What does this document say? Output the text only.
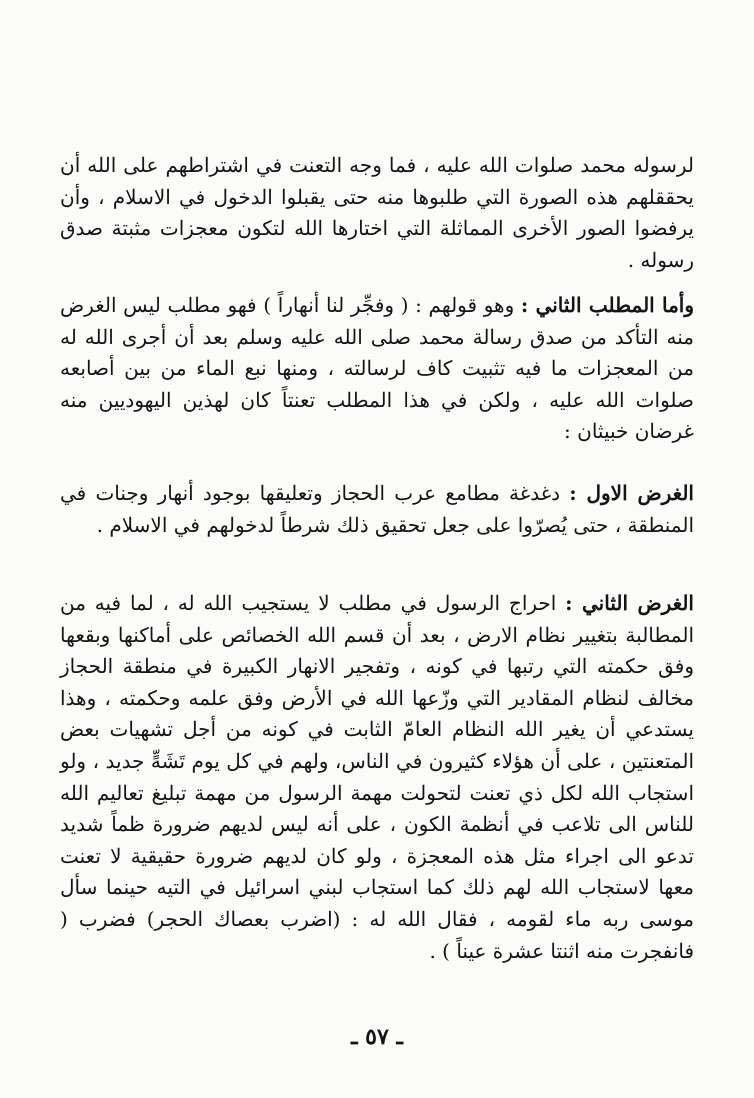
لرسوله محمد صلوات الله عليه ، فما وجه التعنت في اشتراطهم على الله أن يحققلهم هذه الصورة التي طلبوها منه حتى يقبلوا الدخول في الاسلام ، وأن يرفضوا الصور الأخرى المماثلة التي اختارها الله لتكون معجزات مثبتة صدق رسوله .

وأما المطلب الثاني : وهو قولهم : ( وفجِّر لنا أنهاراً ) فهو مطلب ليس الغرض منه التأكد من صدق رسالة محمد صلى الله عليه وسلم بعد أن أجرى الله له من المعجزات ما فيه تثبيت كاف لرسالته ، ومنها نبع الماء من بين أصابعه صلوات الله عليه ، ولكن في هذا المطلب تعنتاً كان لهذين اليهوديين منه غرضان خبيثان :

الغرض الاول : دغدغة مطامع عرب الحجاز وتعليقها بوجود أنهار وجنات في المنطقة ، حتى يُصرّوا على جعل تحقيق ذلك شرطاً لدخولهم في الاسلام .

الغرض الثاني : احراج الرسول في مطلب لا يستجيب الله له ، لما فيه من المطالبة بتغيير نظام الارض ، بعد أن قسم الله الخصائص على أماكنها وبقعها وفق حكمته التي رتبها في كونه ، وتفجير الانهار الكبيرة في منطقة الحجاز مخالف لنظام المقادير التي وزّعها الله في الأرض وفق علمه وحكمته ، وهذا يستدعي أن يغير الله النظام العامّ الثابت في كونه من أجل تشهيات بعض المتعنتين ، على أن هؤلاء كثيرون في الناس، ولهم في كل يوم تَشَهٍّ جديد ، ولو استجاب الله لكل ذي تعنت لتحولت مهمة الرسول من مهمة تبليغ تعاليم الله للناس الى تلاعب في أنظمة الكون ، على أنه ليس لديهم ضرورة ظماً شديد تدعو الى اجراء مثل هذه المعجزة ، ولو كان لديهم ضرورة حقيقية لا تعنت معها لاستجاب الله لهم ذلك كما استجاب لبني اسرائيل في التيه حينما سأل موسى ربه ماء لقومه ، فقال الله له : (اضرب بعصاك الحجر) فضرب ( فانفجرت منه اثنتا عشرة عيناً ) .

ـ ٥٧ ـ
